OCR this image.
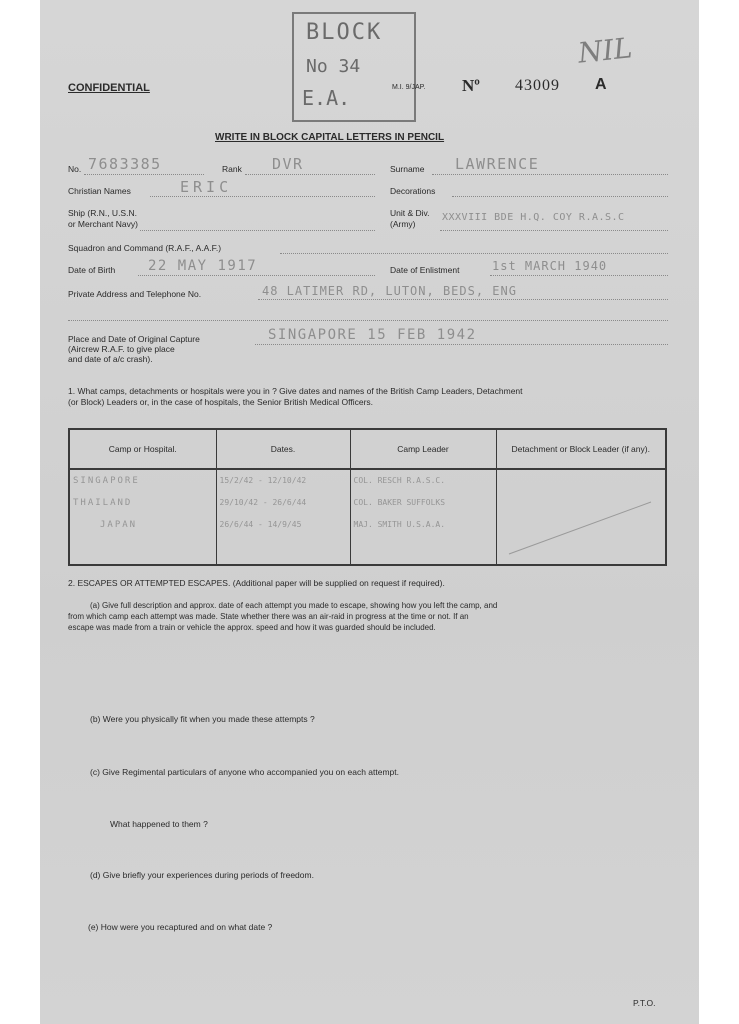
BLOCK
No 34
E.A.
CONFIDENTIAL	M.I. 9/JAP. Nº 43009 A
NIL
WRITE IN BLOCK CAPITAL LETTERS IN PENCIL
No. 7683385	Rank DVR	Surname LAWRENCE
Christian Names	ERIC	Decorations
Ship (R.N., U.S.N.
or Merchant Navy)
Unit & Div.
(Army)
XXXVIII BDE H.Q. COY R.A.S.C
Squadron and Command (R.A.F., A.A.F.)
Date of Birth 22 MAY 1917	Date of Enlistment	1st MARCH 1940
Private Address and Telephone No.	48 LATIMER RD, LUTON, BEDS, ENG
Place and Date of Original Capture
(Aircrew R.A.F. to give place
and date of a/c crash).
SINGAPORE 15 FEB 1942
1. What camps, detachments or hospitals were you in ? Give dates and names of the British Camp Leaders, Detachment
(or Block) Leaders or, in the case of hospitals, the Senior British Medical Officers.
Camp or Hospital.	Dates.	Camp Leader	Detachment or Block Leader (if any).
SINGAPORE	15/2/42 - 12/10/42	COL. RESCH R.A.S.C.	
THAILAND	29/10/42 - 26/6/44	COL. BAKER SUFFOLKS	
JAPAN	26/6/44 - 14/9/45	MAJ. SMITH U.S.A.A.	

2. ESCAPES OR ATTEMPTED ESCAPES. (Additional paper will be supplied on request if required).
(a) Give full description and approx. date of each attempt you made to escape, showing how you left the camp, and
from which camp each attempt was made. State whether there was an air-raid in progress at the time or not. If an
escape was made from a train or vehicle the approx. speed and how it was guarded should be included.
(b) Were you physically fit when you made these attempts ?
(c) Give Regimental particulars of anyone who accompanied you on each attempt.
What happened to them ?
(d) Give briefly your experiences during periods of freedom.
(e) How were you recaptured and on what date ?
P.T.O.
